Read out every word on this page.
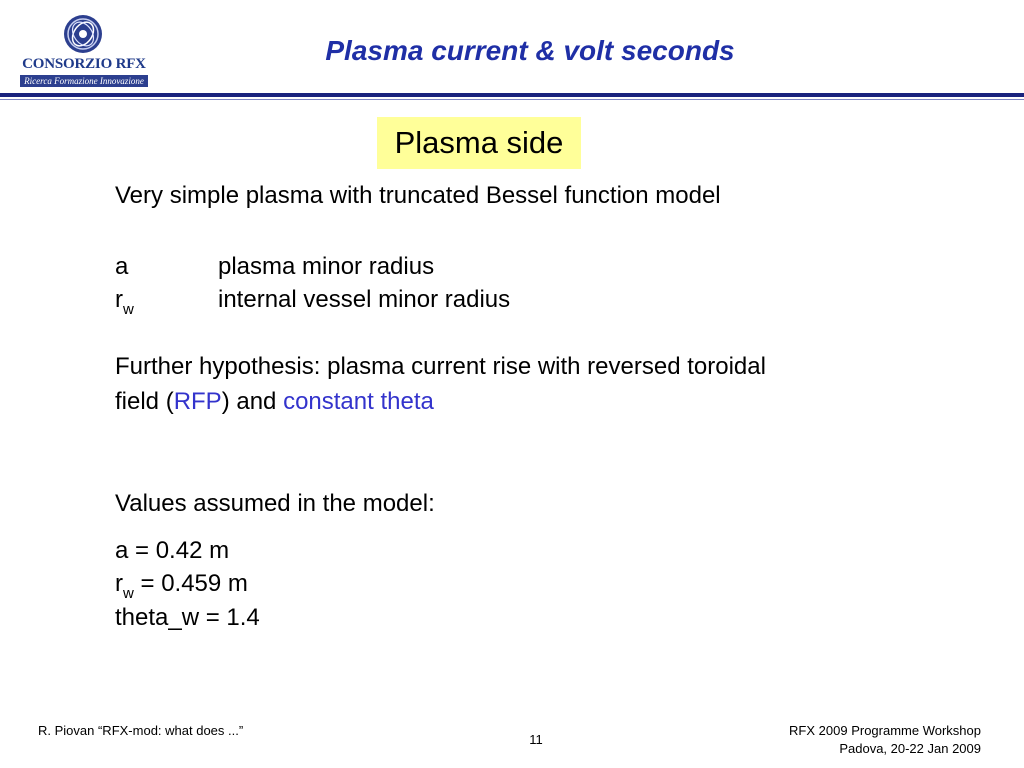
CONSORZIO RFX
Ricerca Formazione Innovazione
Plasma current & volt seconds
Plasma side
Very simple plasma with truncated Bessel function model
a	plasma minor radius
$r_w$	internal vessel minor radius
Further hypothesis: plasma current rise with reversed toroidal
field (RFP) and constant theta
Values assumed in the model:
a = 0.42 m
$r_w = 0.459$ m
theta_w = 1.4
R. Piovan “RFX-mod: what does ...”
11
RFX 2009 Programme Workshop
Padova, 20-22 Jan 2009
